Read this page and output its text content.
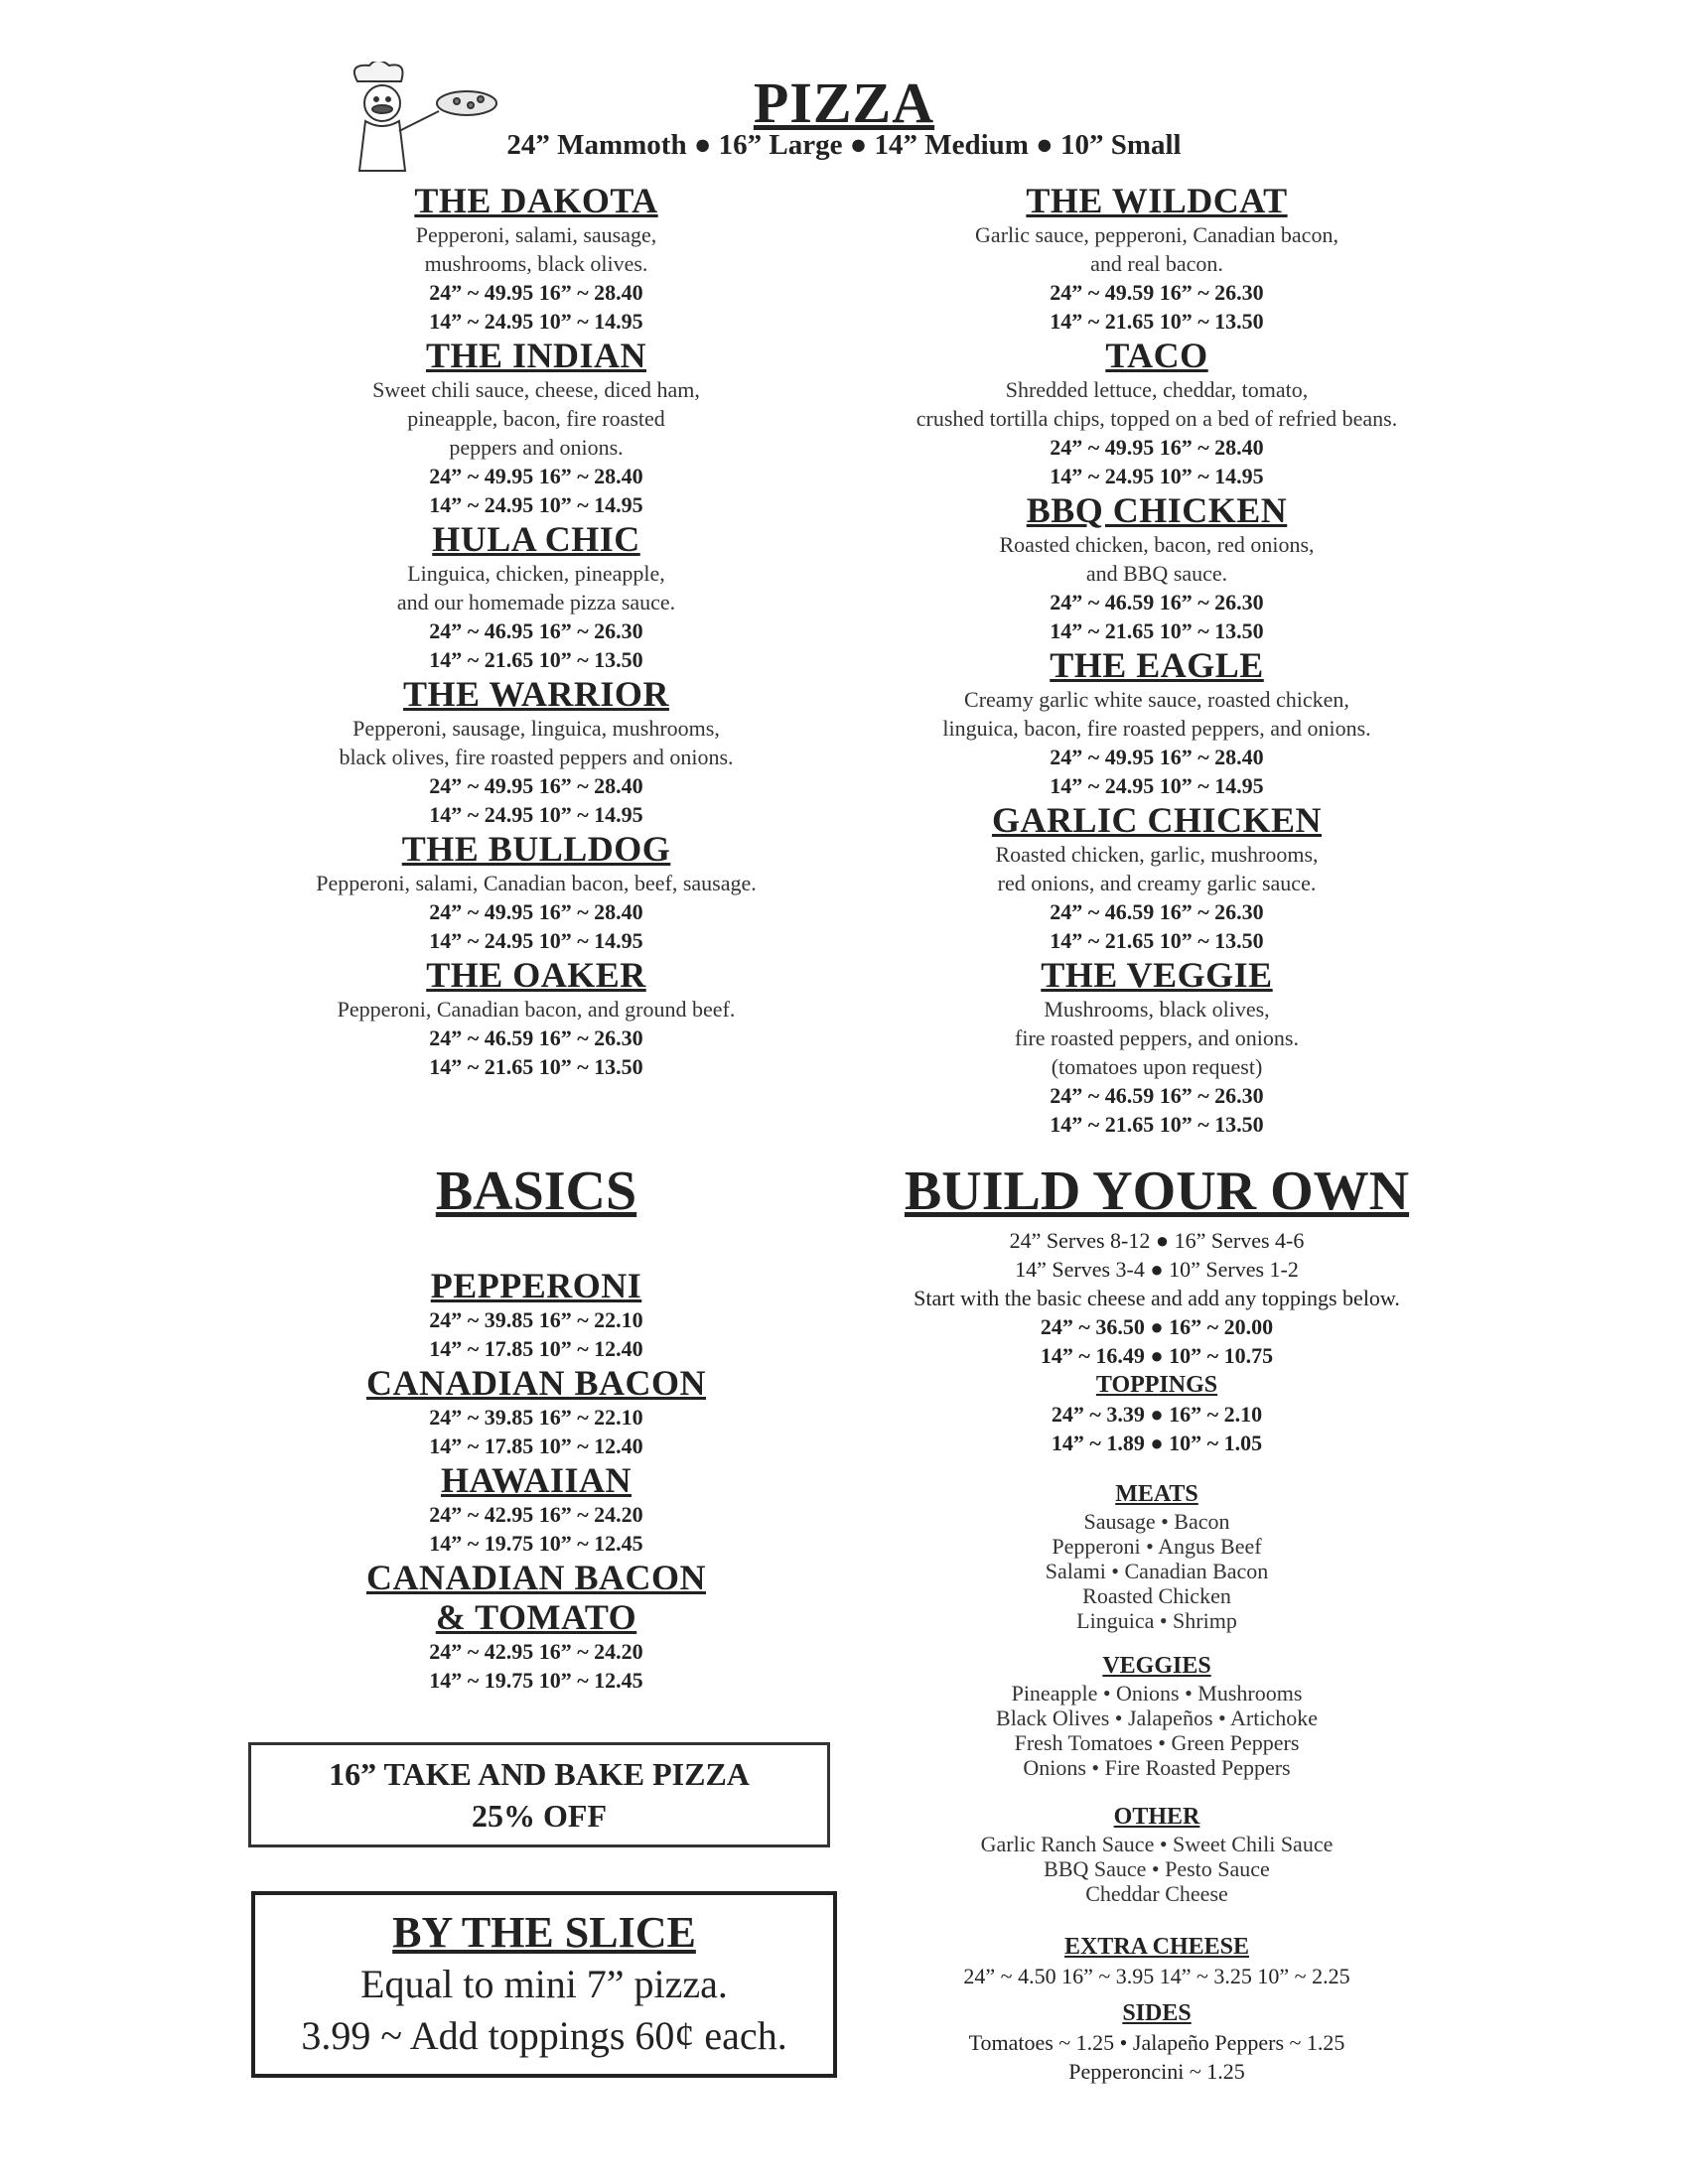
PIZZA
24” Mammoth ● 16” Large ● 14” Medium ● 10” Small
THE DAKOTA
Pepperoni, salami, sausage,
mushrooms, black olives.
24” ~ 49.95 16” ~ 28.40
14” ~ 24.95 10” ~ 14.95
THE INDIAN
Sweet chili sauce, cheese, diced ham,
pineapple, bacon, fire roasted
peppers and onions.
24” ~ 49.95 16” ~ 28.40
14” ~ 24.95 10” ~ 14.95
HULA CHIC
Linguica, chicken, pineapple,
and our homemade pizza sauce.
24” ~ 46.95 16” ~ 26.30
14” ~ 21.65 10” ~ 13.50
THE WARRIOR
Pepperoni, sausage, linguica, mushrooms,
black olives, fire roasted peppers and onions.
24” ~ 49.95 16” ~ 28.40
14” ~ 24.95 10” ~ 14.95
THE BULLDOG
Pepperoni, salami, Canadian bacon, beef, sausage.
24” ~ 49.95 16” ~ 28.40
14” ~ 24.95 10” ~ 14.95
THE OAKER
Pepperoni, Canadian bacon, and ground beef.
24” ~ 46.59 16” ~ 26.30
14” ~ 21.65 10” ~ 13.50
THE WILDCAT
Garlic sauce, pepperoni, Canadian bacon,
and real bacon.
24” ~ 49.59 16” ~ 26.30
14” ~ 21.65 10” ~ 13.50
TACO
Shredded lettuce, cheddar, tomato,
crushed tortilla chips, topped on a bed of refried beans.
24” ~ 49.95 16” ~ 28.40
14” ~ 24.95 10” ~ 14.95
BBQ CHICKEN
Roasted chicken, bacon, red onions,
and BBQ sauce.
24” ~ 46.59 16” ~ 26.30
14” ~ 21.65 10” ~ 13.50
THE EAGLE
Creamy garlic white sauce, roasted chicken,
linguica, bacon, fire roasted peppers, and onions.
24” ~ 49.95 16” ~ 28.40
14” ~ 24.95 10” ~ 14.95
GARLIC CHICKEN
Roasted chicken, garlic, mushrooms,
red onions, and creamy garlic sauce.
24” ~ 46.59 16” ~ 26.30
14” ~ 21.65 10” ~ 13.50
THE VEGGIE
Mushrooms, black olives,
fire roasted peppers, and onions.
(tomatoes upon request)
24” ~ 46.59 16” ~ 26.30
14” ~ 21.65 10” ~ 13.50
BASICS
PEPPERONI
24” ~ 39.85 16” ~ 22.10
14” ~ 17.85 10” ~ 12.40
CANADIAN BACON
24” ~ 39.85 16” ~ 22.10
14” ~ 17.85 10” ~ 12.40
HAWAIIAN
24” ~ 42.95 16” ~ 24.20
14” ~ 19.75 10” ~ 12.45
CANADIAN BACON
& TOMATO
24” ~ 42.95 16” ~ 24.20
14” ~ 19.75 10” ~ 12.45
16” TAKE AND BAKE PIZZA
25% OFF
BY THE SLICE
Equal to mini 7” pizza.
3.99 ~ Add toppings 60¢ each.
BUILD YOUR OWN
24” Serves 8-12 ● 16” Serves 4-6
14” Serves 3-4 ● 10” Serves 1-2
Start with the basic cheese and add any toppings below.
24” ~ 36.50 ● 16” ~ 20.00
14” ~ 16.49 ● 10” ~ 10.75
TOPPINGS
24” ~ 3.39 ● 16” ~ 2.10
14” ~ 1.89 ● 10” ~ 1.05
MEATS
Sausage • Bacon
Pepperoni • Angus Beef
Salami • Canadian Bacon
Roasted Chicken
Linguica • Shrimp
VEGGIES
Pineapple • Onions • Mushrooms
Black Olives • Jalapeños • Artichoke
Fresh Tomatoes • Green Peppers
Onions • Fire Roasted Peppers
OTHER
Garlic Ranch Sauce • Sweet Chili Sauce
BBQ Sauce • Pesto Sauce
Cheddar Cheese
EXTRA CHEESE
24” ~ 4.50 16” ~ 3.95 14” ~ 3.25 10” ~ 2.25
SIDES
Tomatoes ~ 1.25 • Jalapeño Peppers ~ 1.25
Pepperoncini ~ 1.25
